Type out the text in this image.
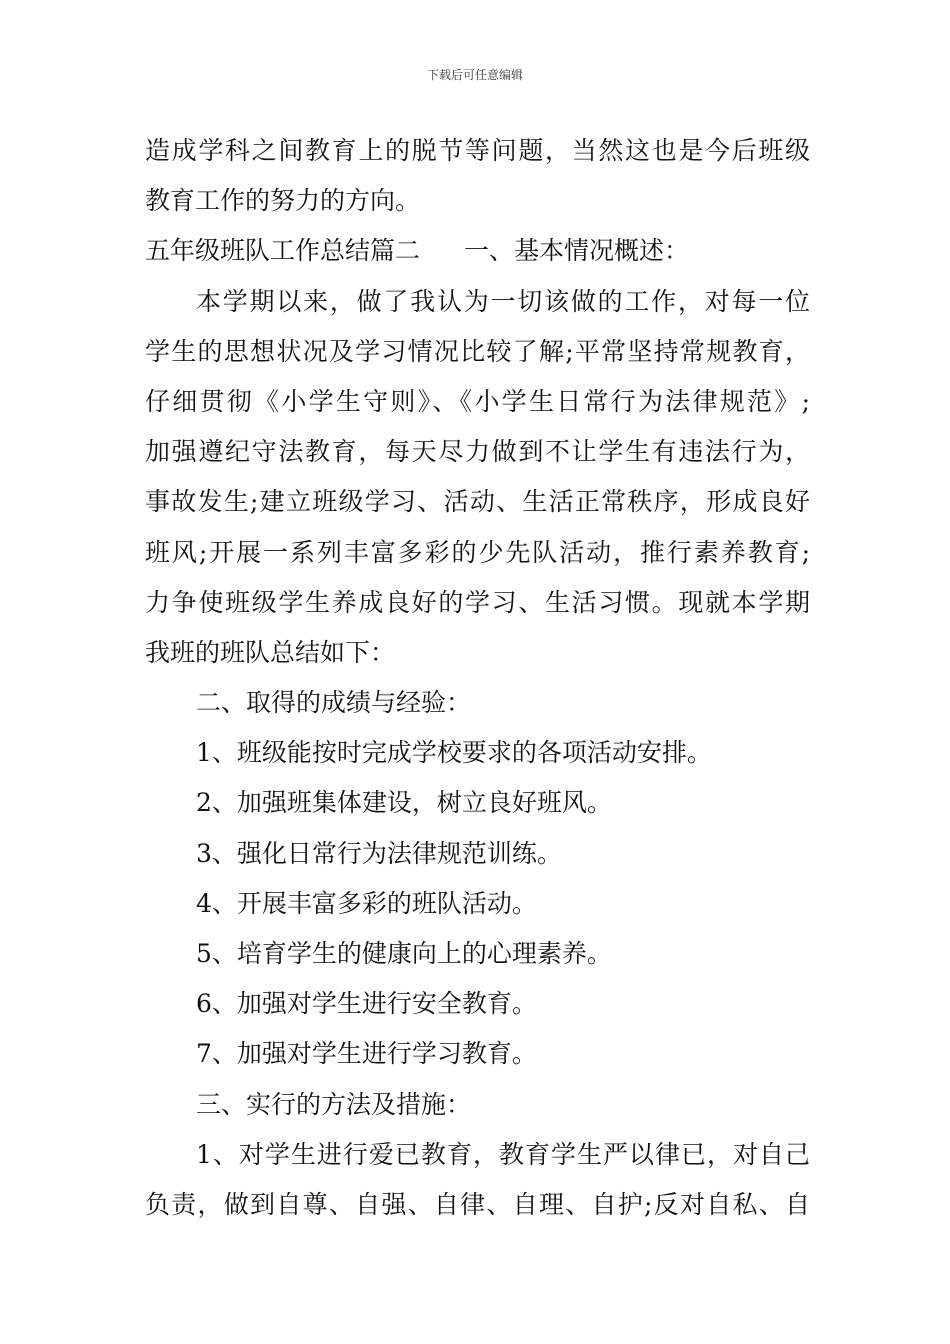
下载后可任意编辑
造成学科之间教育上的脱节等问题，当然这也是今后班级
教育工作的努力的方向。
五年级班队工作总结篇二 一、基本情况概述：
本学期以来，做了我认为一切该做的工作，对每一位
学生的思想状况及学习情况比较了解;平常坚持常规教育，
仔细贯彻《小学生守则》、《小学生日常行为法律规范》;
加强遵纪守法教育，每天尽力做到不让学生有违法行为，
事故发生;建立班级学习、活动、生活正常秩序，形成良好
班风;开展一系列丰富多彩的少先队活动，推行素养教育;
力争使班级学生养成良好的学习、生活习惯。现就本学期
我班的班队总结如下：
二、取得的成绩与经验：
1、班级能按时完成学校要求的各项活动安排。
2、加强班集体建设，树立良好班风。
3、强化日常行为法律规范训练。
4、开展丰富多彩的班队活动。
5、培育学生的健康向上的心理素养。
6、加强对学生进行安全教育。
7、加强对学生进行学习教育。
三、实行的方法及措施：
1、对学生进行爱已教育，教育学生严以律已，对自己
负责，做到自尊、自强、自律、自理、自护;反对自私、自
